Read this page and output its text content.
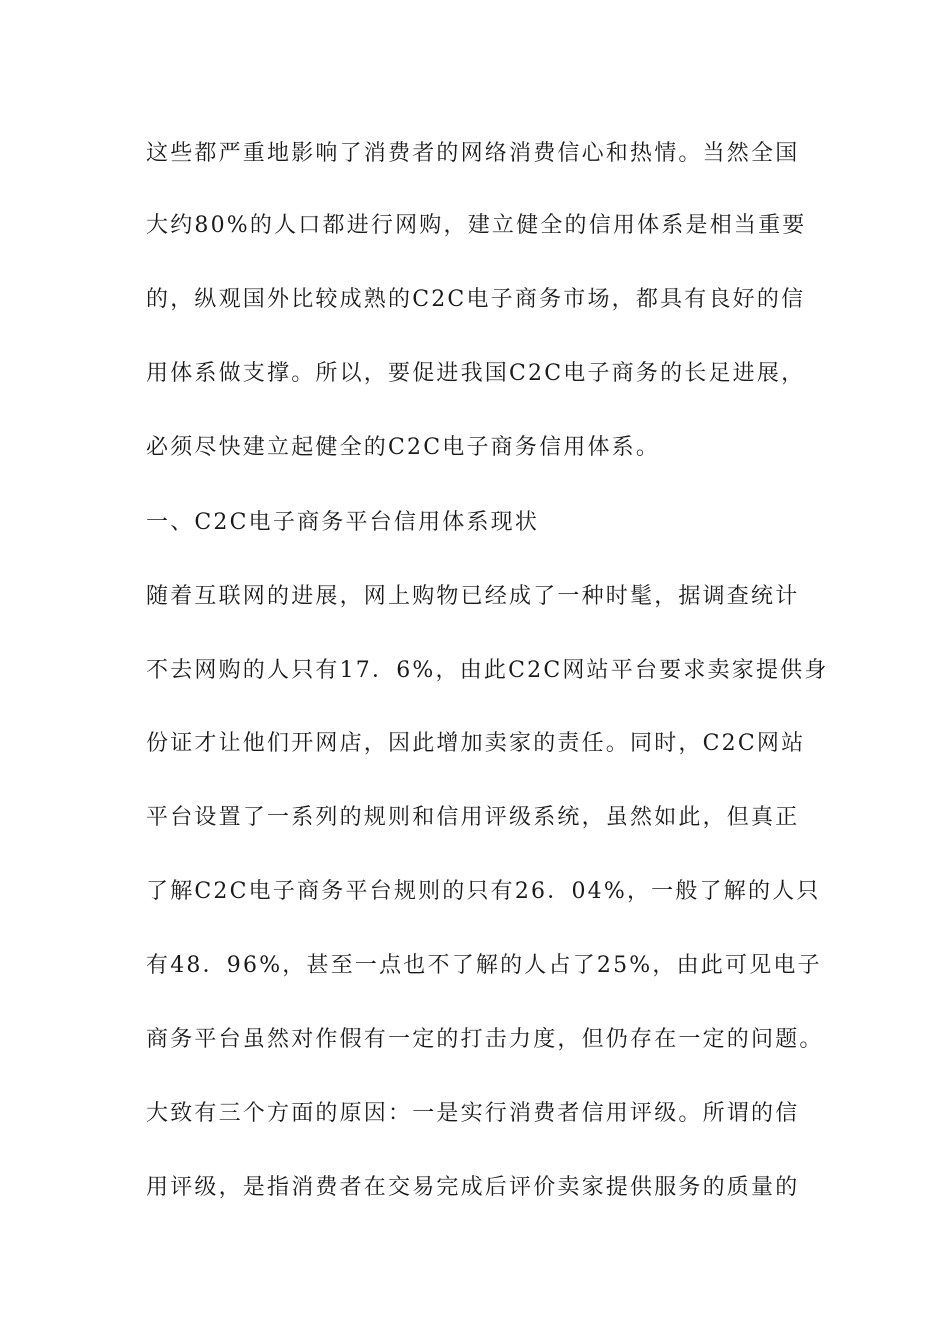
这些都严重地影响了消费者的网络消费信心和热情。当然全国
大约80%的人口都进行网购，建立健全的信用体系是相当重要
的，纵观国外比较成熟的C2C电子商务市场，都具有良好的信
用体系做支撑。所以，要促进我国C2C电子商务的长足进展，
必须尽快建立起健全的C2C电子商务信用体系。
一、C2C电子商务平台信用体系现状
随着互联网的进展，网上购物已经成了一种时髦，据调查统计
不去网购的人只有17．6%，由此C2C网站平台要求卖家提供身
份证才让他们开网店，因此增加卖家的责任。同时，C2C网站
平台设置了一系列的规则和信用评级系统，虽然如此，但真正
了解C2C电子商务平台规则的只有26．04%，一般了解的人只
有48．96%，甚至一点也不了解的人占了25%，由此可见电子
商务平台虽然对作假有一定的打击力度，但仍存在一定的问题。
大致有三个方面的原因：一是实行消费者信用评级。所谓的信
用评级，是指消费者在交易完成后评价卖家提供服务的质量的
